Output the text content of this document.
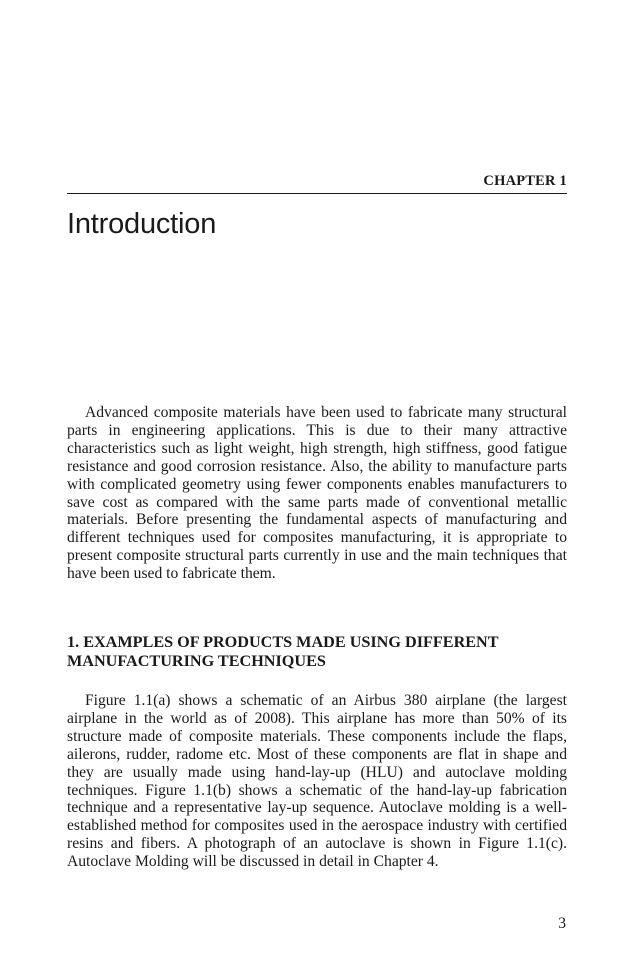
CHAPTER 1
Introduction

Advanced composite materials have been used to fabricate many structural parts in engineering applications. This is due to their many attractive characteristics such as light weight, high strength, high stiffness, good fatigue resistance and good corrosion resistance. Also, the ability to manufacture parts with complicated geometry using fewer components enables manufacturers to save cost as compared with the same parts made of conventional metallic materials. Before presenting the fundamental aspects of manufacturing and different techniques used for composites manufacturing, it is appropriate to present composite structural parts currently in use and the main techniques that have been used to fabricate them.

1. EXAMPLES OF PRODUCTS MADE USING DIFFERENT MANUFACTURING TECHNIQUES

Figure 1.1(a) shows a schematic of an Airbus 380 airplane (the largest airplane in the world as of 2008). This airplane has more than 50% of its structure made of composite materials. These components include the flaps, ailerons, rudder, radome etc. Most of these components are flat in shape and they are usually made using hand-lay-up (HLU) and autoclave molding techniques. Figure 1.1(b) shows a schematic of the hand-lay-up fabrication technique and a representative lay-up sequence. Autoclave molding is a well-established method for composites used in the aerospace industry with certified resins and fibers. A photograph of an autoclave is shown in Figure 1.1(c). Autoclave Molding will be discussed in detail in Chapter 4.

3
